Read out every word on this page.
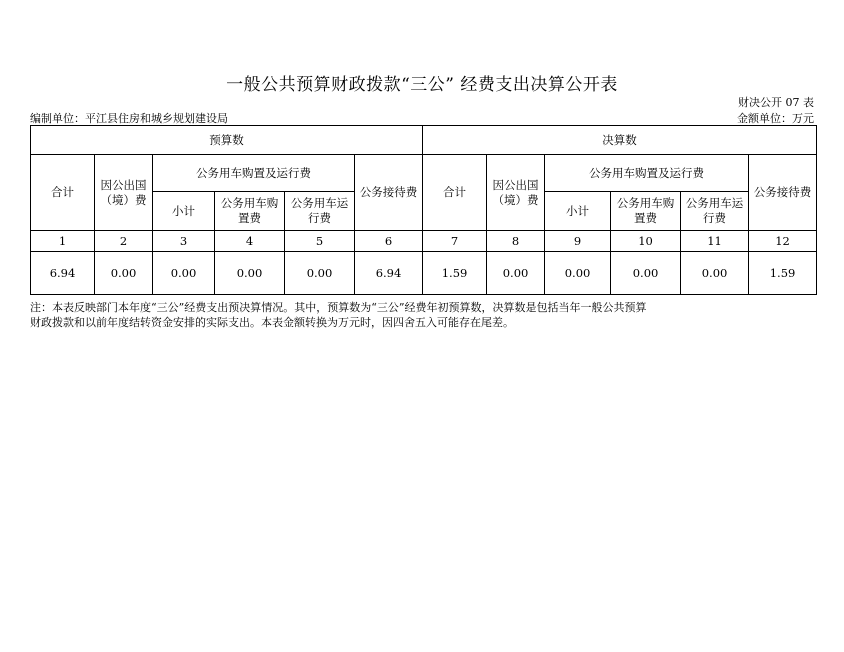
一般公共预算财政拨款“三公” 经费支出决算公开表
财决公开 07 表
编制单位：平江县住房和城乡规划建设局	金额单位：万元
预算数						决算数					
合计	因公出国（境）费	公务用车购置及运行费			公务接待费	合计	因公出国（境）费	公务用车购置及运行费			公务接待费
		小计	公务用车购置费	公务用车运行费				小计	公务用车购置费	公务用车运行费	
1	2	3	4	5	6	7	8	9	10	11	12
6.94	0.00	0.00	0.00	0.00	6.94	1.59	0.00	0.00	0.00	0.00	1.59
注：本表反映部门本年度“三公”经费支出预决算情况。其中，预算数为“三公”经费年初预算数，决算数是包括当年一般公共预算
财政拨款和以前年度结转资金安排的实际支出。本表金额转换为万元时，因四舍五入可能存在尾差。
